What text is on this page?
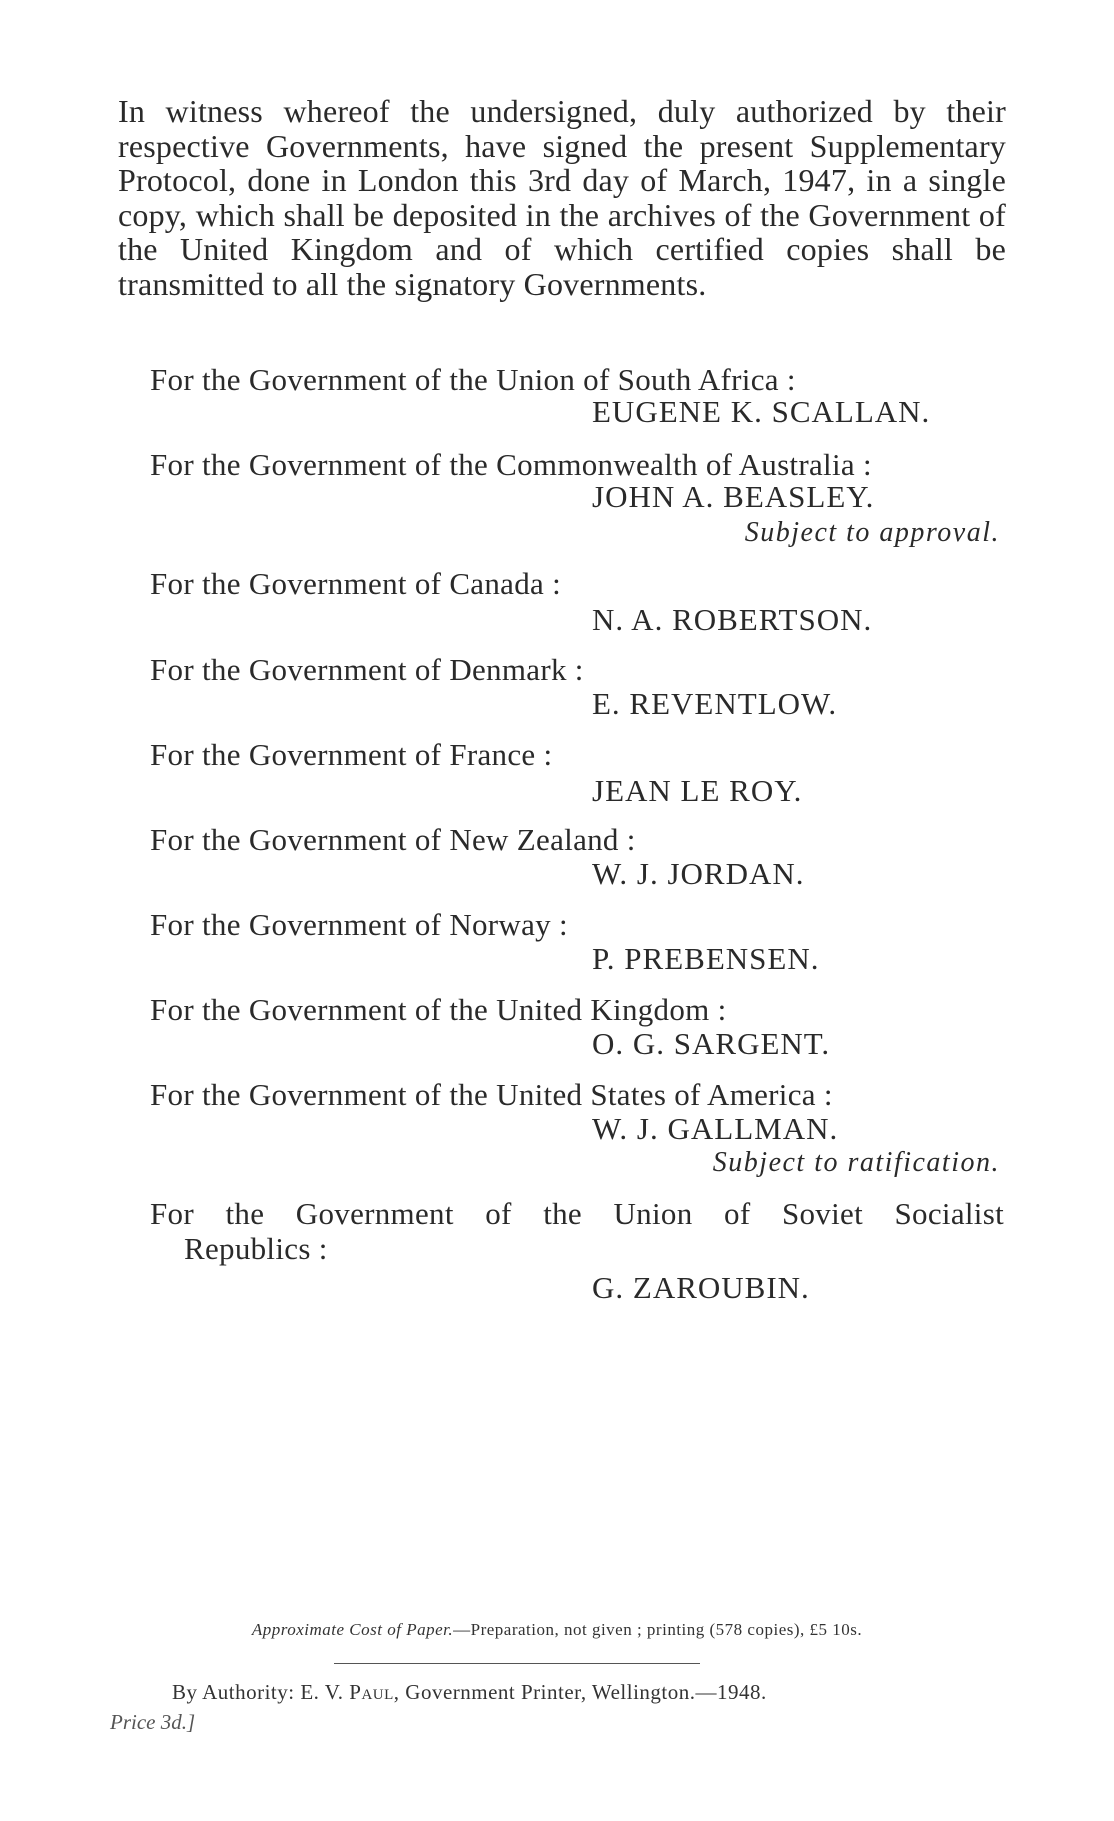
In witness whereof the undersigned, duly authorized by their respective Governments, have signed the present Supplementary Protocol, done in London this 3rd day of March, 1947, in a single copy, which shall be deposited in the archives of the Government of the United Kingdom and of which certified copies shall be transmitted to all the signatory Governments.

For the Government of the Union of South Africa :
EUGENE K. SCALLAN.
For the Government of the Commonwealth of Australia :
JOHN A. BEASLEY.
Subject to approval.
For the Government of Canada :
N. A. ROBERTSON.
For the Government of Denmark :
E. REVENTLOW.
For the Government of France :
JEAN LE ROY.
For the Government of New Zealand :
W. J. JORDAN.
For the Government of Norway :
P. PREBENSEN.
For the Government of the United Kingdom :
O. G. SARGENT.
For the Government of the United States of America :
W. J. GALLMAN.
Subject to ratification.
For the Government of the Union of Soviet Socialist
Republics :
G. ZAROUBIN.
Approximate Cost of Paper.—Preparation, not given ; printing (578 copies), £5 10s.
By Authority: E. V. Paul, Government Printer, Wellington.—1948.
Price 3d.]
